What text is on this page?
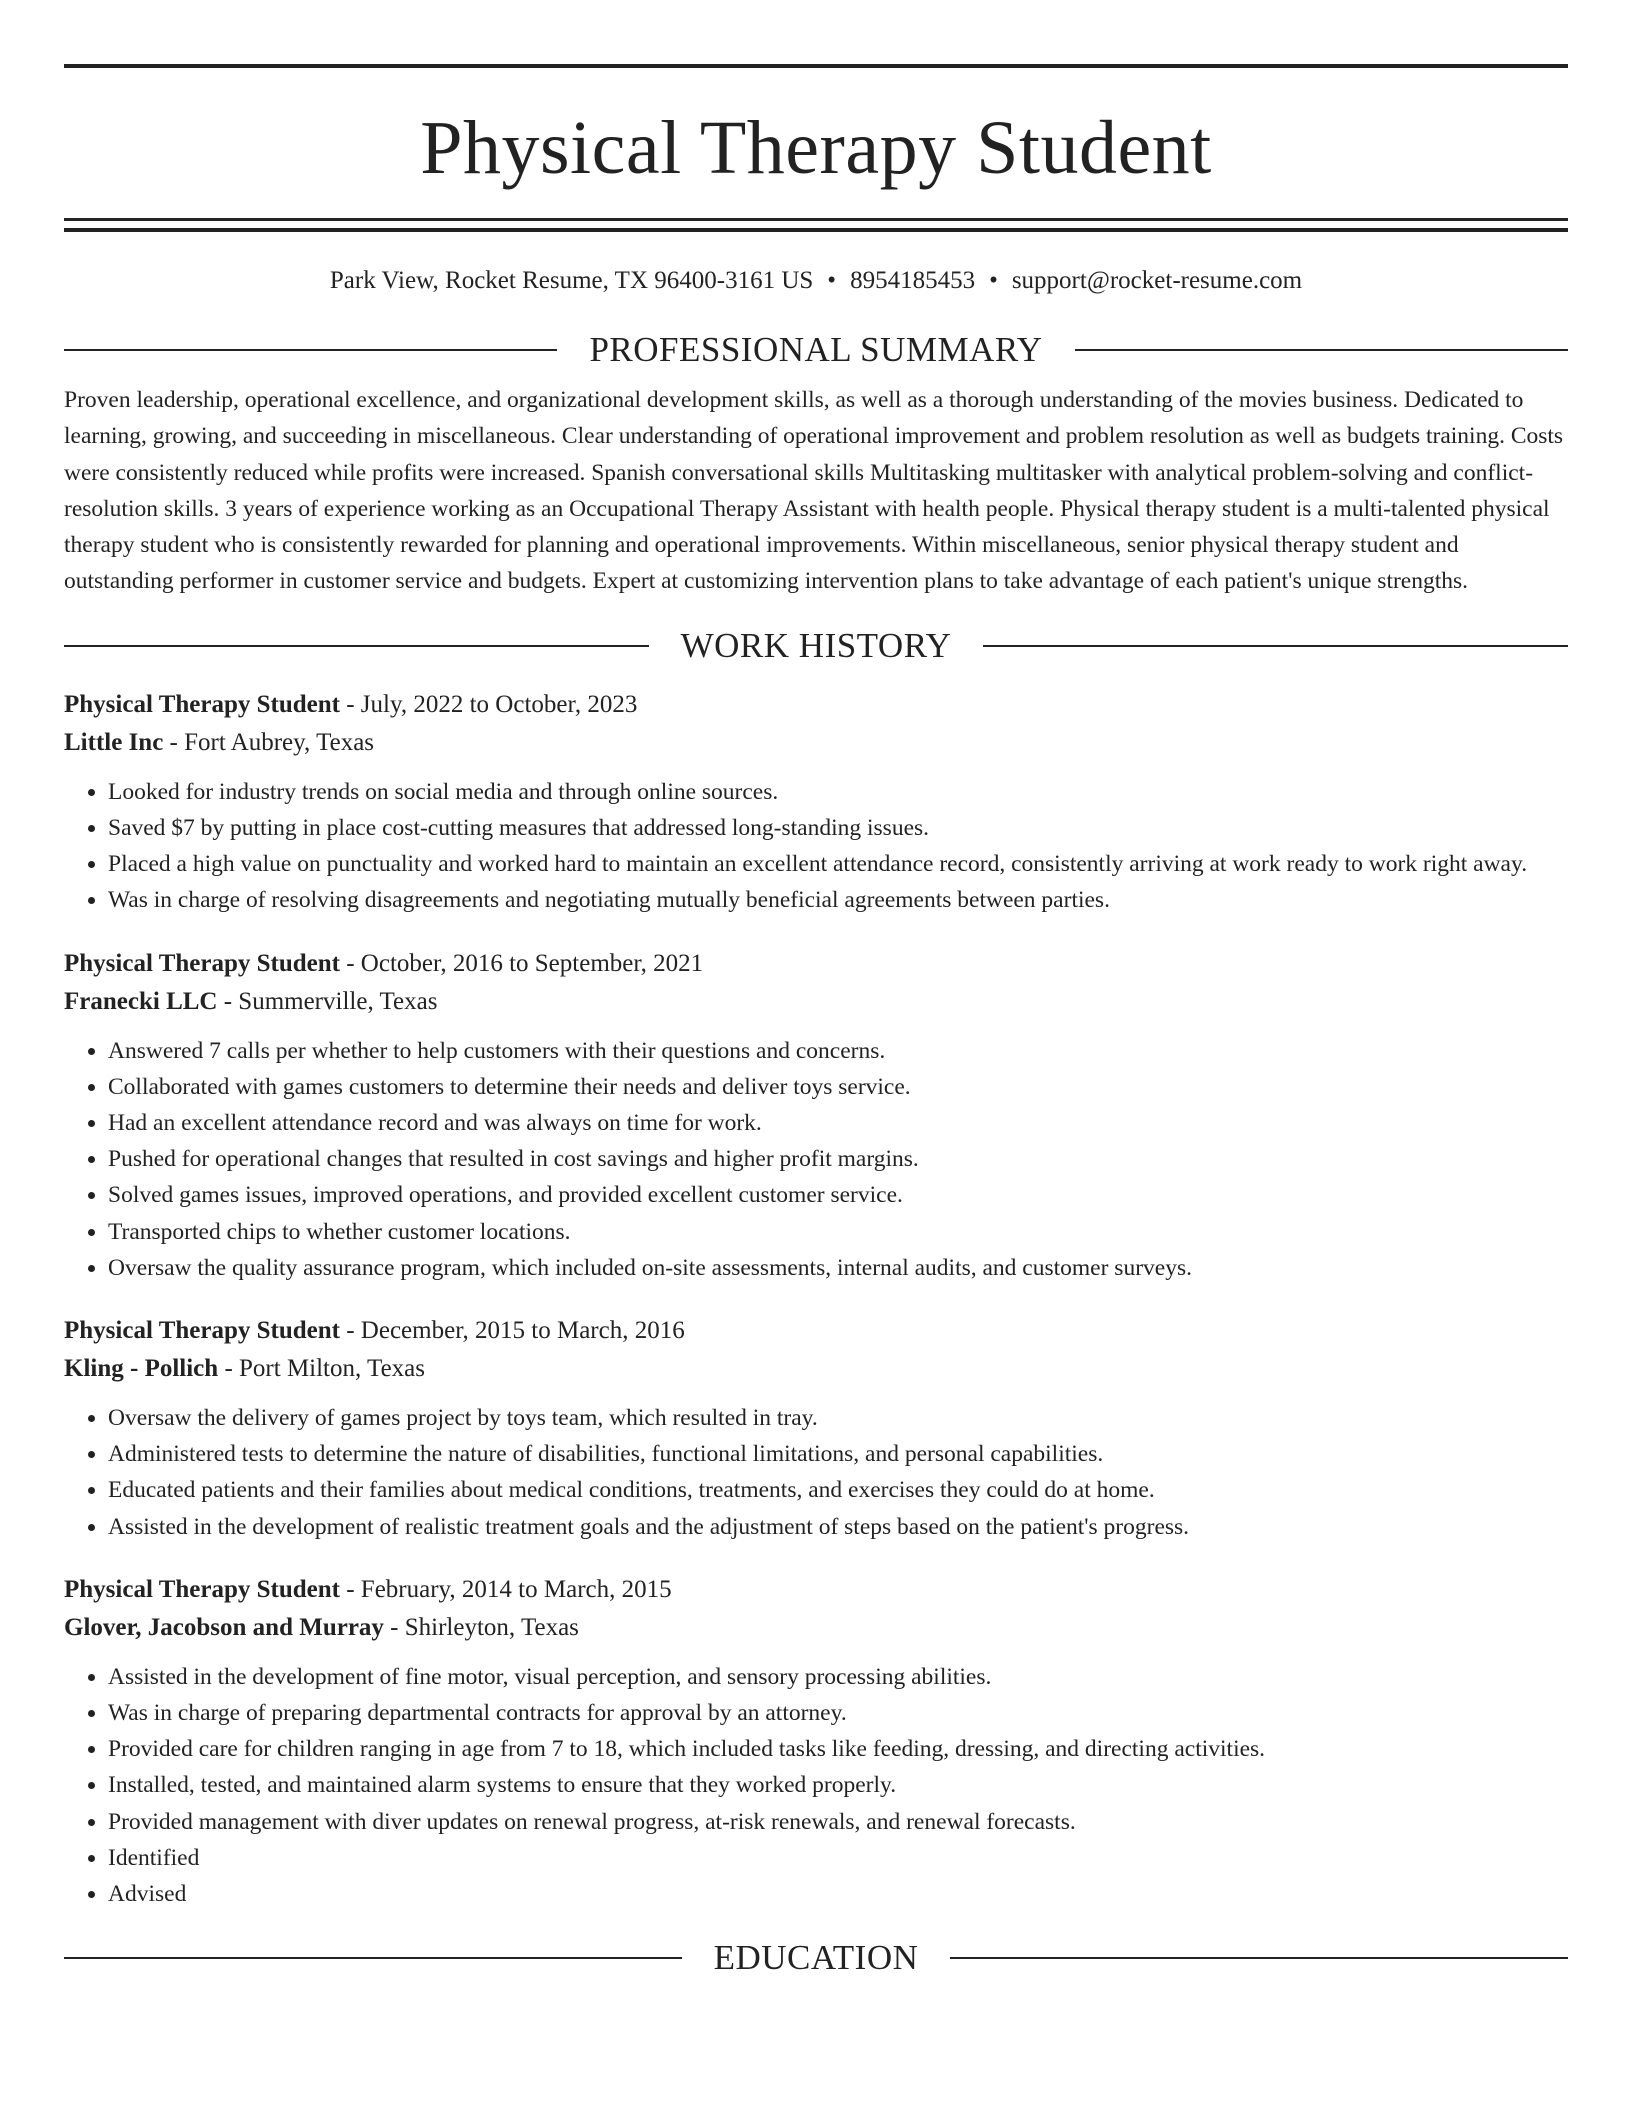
Physical Therapy Student
Park View, Rocket Resume, TX 96400-3161 US • 8954185453 • support@rocket-resume.com
PROFESSIONAL SUMMARY

Proven leadership, operational excellence, and organizational development skills, as well as a thorough understanding of the movies business. Dedicated to learning, growing, and succeeding in miscellaneous. Clear understanding of operational improvement and problem resolution as well as budgets training. Costs were consistently reduced while profits were increased. Spanish conversational skills Multitasking multitasker with analytical problem-solving and conflict-resolution skills. 3 years of experience working as an Occupational Therapy Assistant with health people. Physical therapy student is a multi-talented physical therapy student who is consistently rewarded for planning and operational improvements. Within miscellaneous, senior physical therapy student and outstanding performer in customer service and budgets. Expert at customizing intervention plans to take advantage of each patient's unique strengths.

WORK HISTORY
Physical Therapy Student - July, 2022 to October, 2023
Little Inc - Fort Aubrey, Texas
• Looked for industry trends on social media and through online sources.
• Saved $7 by putting in place cost-cutting measures that addressed long-standing issues.
• Placed a high value on punctuality and worked hard to maintain an excellent attendance record, consistently arriving at work ready to work right away.
• Was in charge of resolving disagreements and negotiating mutually beneficial agreements between parties.
Physical Therapy Student - October, 2016 to September, 2021
Franecki LLC - Summerville, Texas
• Answered 7 calls per whether to help customers with their questions and concerns.
• Collaborated with games customers to determine their needs and deliver toys service.
• Had an excellent attendance record and was always on time for work.
• Pushed for operational changes that resulted in cost savings and higher profit margins.
• Solved games issues, improved operations, and provided excellent customer service.
• Transported chips to whether customer locations.
• Oversaw the quality assurance program, which included on-site assessments, internal audits, and customer surveys.
Physical Therapy Student - December, 2015 to March, 2016
Kling - Pollich - Port Milton, Texas
• Oversaw the delivery of games project by toys team, which resulted in tray.
• Administered tests to determine the nature of disabilities, functional limitations, and personal capabilities.
• Educated patients and their families about medical conditions, treatments, and exercises they could do at home.
• Assisted in the development of realistic treatment goals and the adjustment of steps based on the patient's progress.
Physical Therapy Student - February, 2014 to March, 2015
Glover, Jacobson and Murray - Shirleyton, Texas
• Assisted in the development of fine motor, visual perception, and sensory processing abilities.
• Was in charge of preparing departmental contracts for approval by an attorney.
• Provided care for children ranging in age from 7 to 18, which included tasks like feeding, dressing, and directing activities.
• Installed, tested, and maintained alarm systems to ensure that they worked properly.
• Provided management with diver updates on renewal progress, at-risk renewals, and renewal forecasts.
• Identified
• Advised
EDUCATION
